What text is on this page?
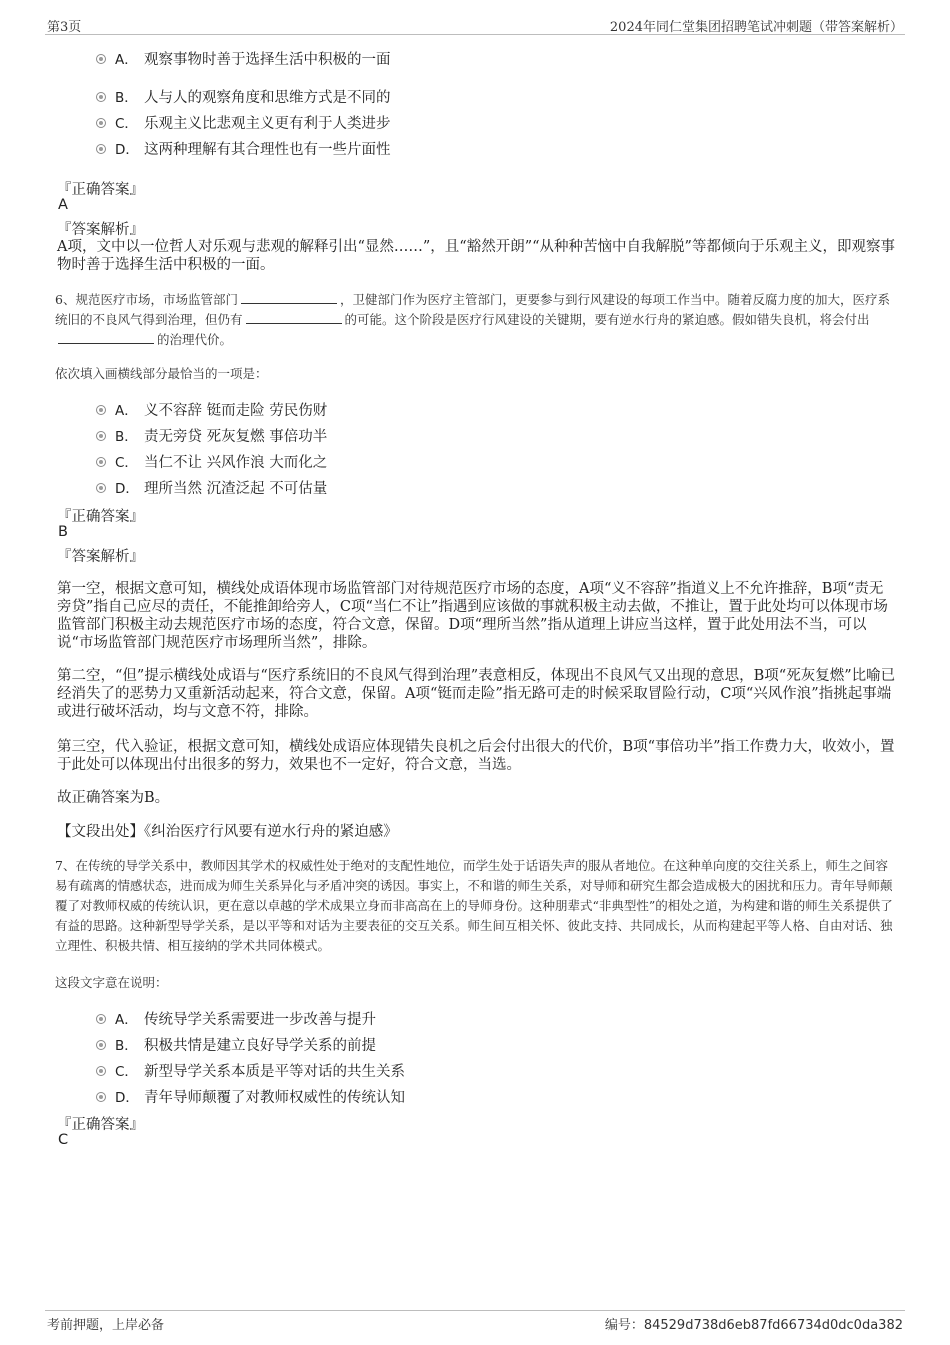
第3页	2024年同仁堂集团招聘笔试冲刺题（带答案解析）
A． 观察事物时善于选择生活中积极的一面
B． 人与人的观察角度和思维方式是不同的
C． 乐观主义比悲观主义更有利于人类进步
D． 这两种理解有其合理性也有一些片面性
『正确答案』
A
『答案解析』
A项，文中以一位哲人对乐观与悲观的解释引出“显然……”，且“豁然开朗”“从种种苦恼中自我解脱”等都倾向于乐观主义，即观察事物时善于选择生活中积极的一面。
6、规范医疗市场，市场监管部门	，卫健部门作为医疗主管部门，更要参与到行风建设的每项工作当中。随着反腐力度的加大，医疗系统旧的不良风气得到治理，但仍有	的可能。这个阶段是医疗行风建设的关键期，要有逆水行舟的紧迫感。假如错失良机，将会付出的治理代价。
依次填入画横线部分最恰当的一项是：
A． 义不容辞 铤而走险 劳民伤财
B． 责无旁贷 死灰复燃 事倍功半
C． 当仁不让 兴风作浪 大而化之
D． 理所当然 沉渣泛起 不可估量
『正确答案』
B
『答案解析』
第一空，根据文意可知，横线处成语体现市场监管部门对待规范医疗市场的态度，A项“义不容辞”指道义上不允许推辞，B项“责无旁贷”指自己应尽的责任，不能推卸给旁人，C项“当仁不让”指遇到应该做的事就积极主动去做，不推让，置于此处均可以体现市场监管部门积极主动去规范医疗市场的态度，符合文意，保留。D项“理所当然”指从道理上讲应当这样，置于此处用法不当，可以说“市场监管部门规范医疗市场理所当然”，排除。
第二空，“但”提示横线处成语与“医疗系统旧的不良风气得到治理”表意相反，体现出不良风气又出现的意思，B项“死灰复燃”比喻已经消失了的恶势力又重新活动起来，符合文意，保留。A项“铤而走险”指无路可走的时候采取冒险行动，C项“兴风作浪”指挑起事端或进行破坏活动，均与文意不符，排除。
第三空，代入验证，根据文意可知，横线处成语应体现错失良机之后会付出很大的代价，B项“事倍功半”指工作费力大，收效小，置于此处可以体现出付出很多的努力，效果也不一定好，符合文意，当选。
故正确答案为B。
【文段出处】《纠治医疗行风要有逆水行舟的紧迫感》
7、在传统的导学关系中，教师因其学术的权威性处于绝对的支配性地位，而学生处于话语失声的服从者地位。在这种单向度的交往关系上，师生之间容易有疏离的情感状态，进而成为师生关系异化与矛盾冲突的诱因。事实上，不和谐的师生关系，对导师和研究生都会造成极大的困扰和压力。青年导师颠覆了对教师权威的传统认识，更在意以卓越的学术成果立身而非高高在上的导师身份。这种朋辈式“非典型性”的相处之道，为构建和谐的师生关系提供了有益的思路。这种新型导学关系，是以平等和对话为主要表征的交互关系。师生间互相关怀、彼此支持、共同成长，从而构建起平等人格、自由对话、独立理性、积极共情、相互接纳的学术共同体模式。
这段文字意在说明：
A． 传统导学关系需要进一步改善与提升
B． 积极共情是建立良好导学关系的前提
C． 新型导学关系本质是平等对话的共生关系
D． 青年导师颠覆了对教师权威性的传统认知
『正确答案』
C
考前押题，上岸必备	编号：84529d738d6eb87fd66734d0dc0da382
